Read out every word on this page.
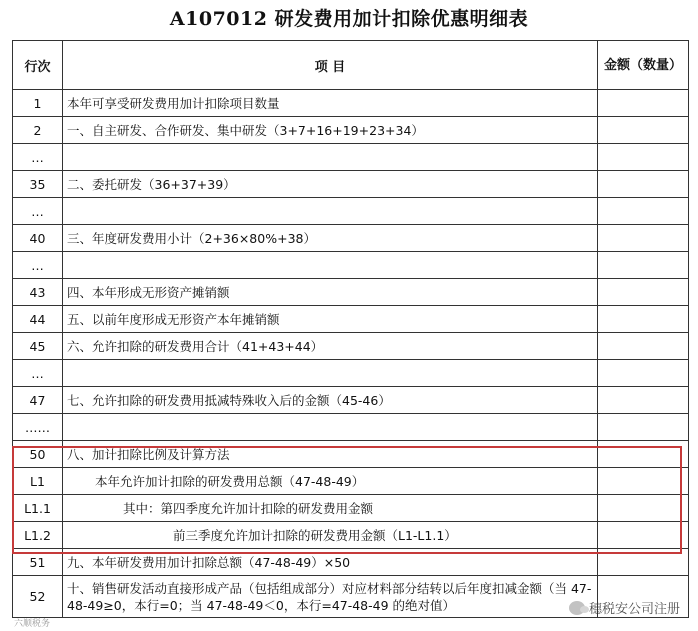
A107012 研发费用加计扣除优惠明细表
行次	项 目	金额（数量）
1	本年可享受研发费用加计扣除项目数量	
2	一、自主研发、合作研发、集中研发（3+7+16+19+23+34）	
…		
35	二、委托研发（36+37+39）	
…		
40	三、年度研发费用小计（2+36×80%+38）	
…		
43	四、本年形成无形资产摊销额	
44	五、以前年度形成无形资产本年摊销额	
45	六、允许扣除的研发费用合计（41+43+44）	
…		
47	七、允许扣除的研发费用抵减特殊收入后的金额（45-46）	
……		
50	八、加计扣除比例及计算方法	
L1	本年允许加计扣除的研发费用总额（47-48-49）	
L1.1	其中：第四季度允许加计扣除的研发费用金额	
L1.2	前三季度允许加计扣除的研发费用金额（L1-L1.1）	
51	九、本年研发费用加计扣除总额（47-48-49）×50	
52	十、销售研发活动直接形成产品（包括组成部分）对应材料部分结转以后年度扣减金额（当 47-48-49≥0，本行=0；当 47-48-49＜0，本行=47-48-49 的绝对值）	
六顺税务
穗税安公司注册
